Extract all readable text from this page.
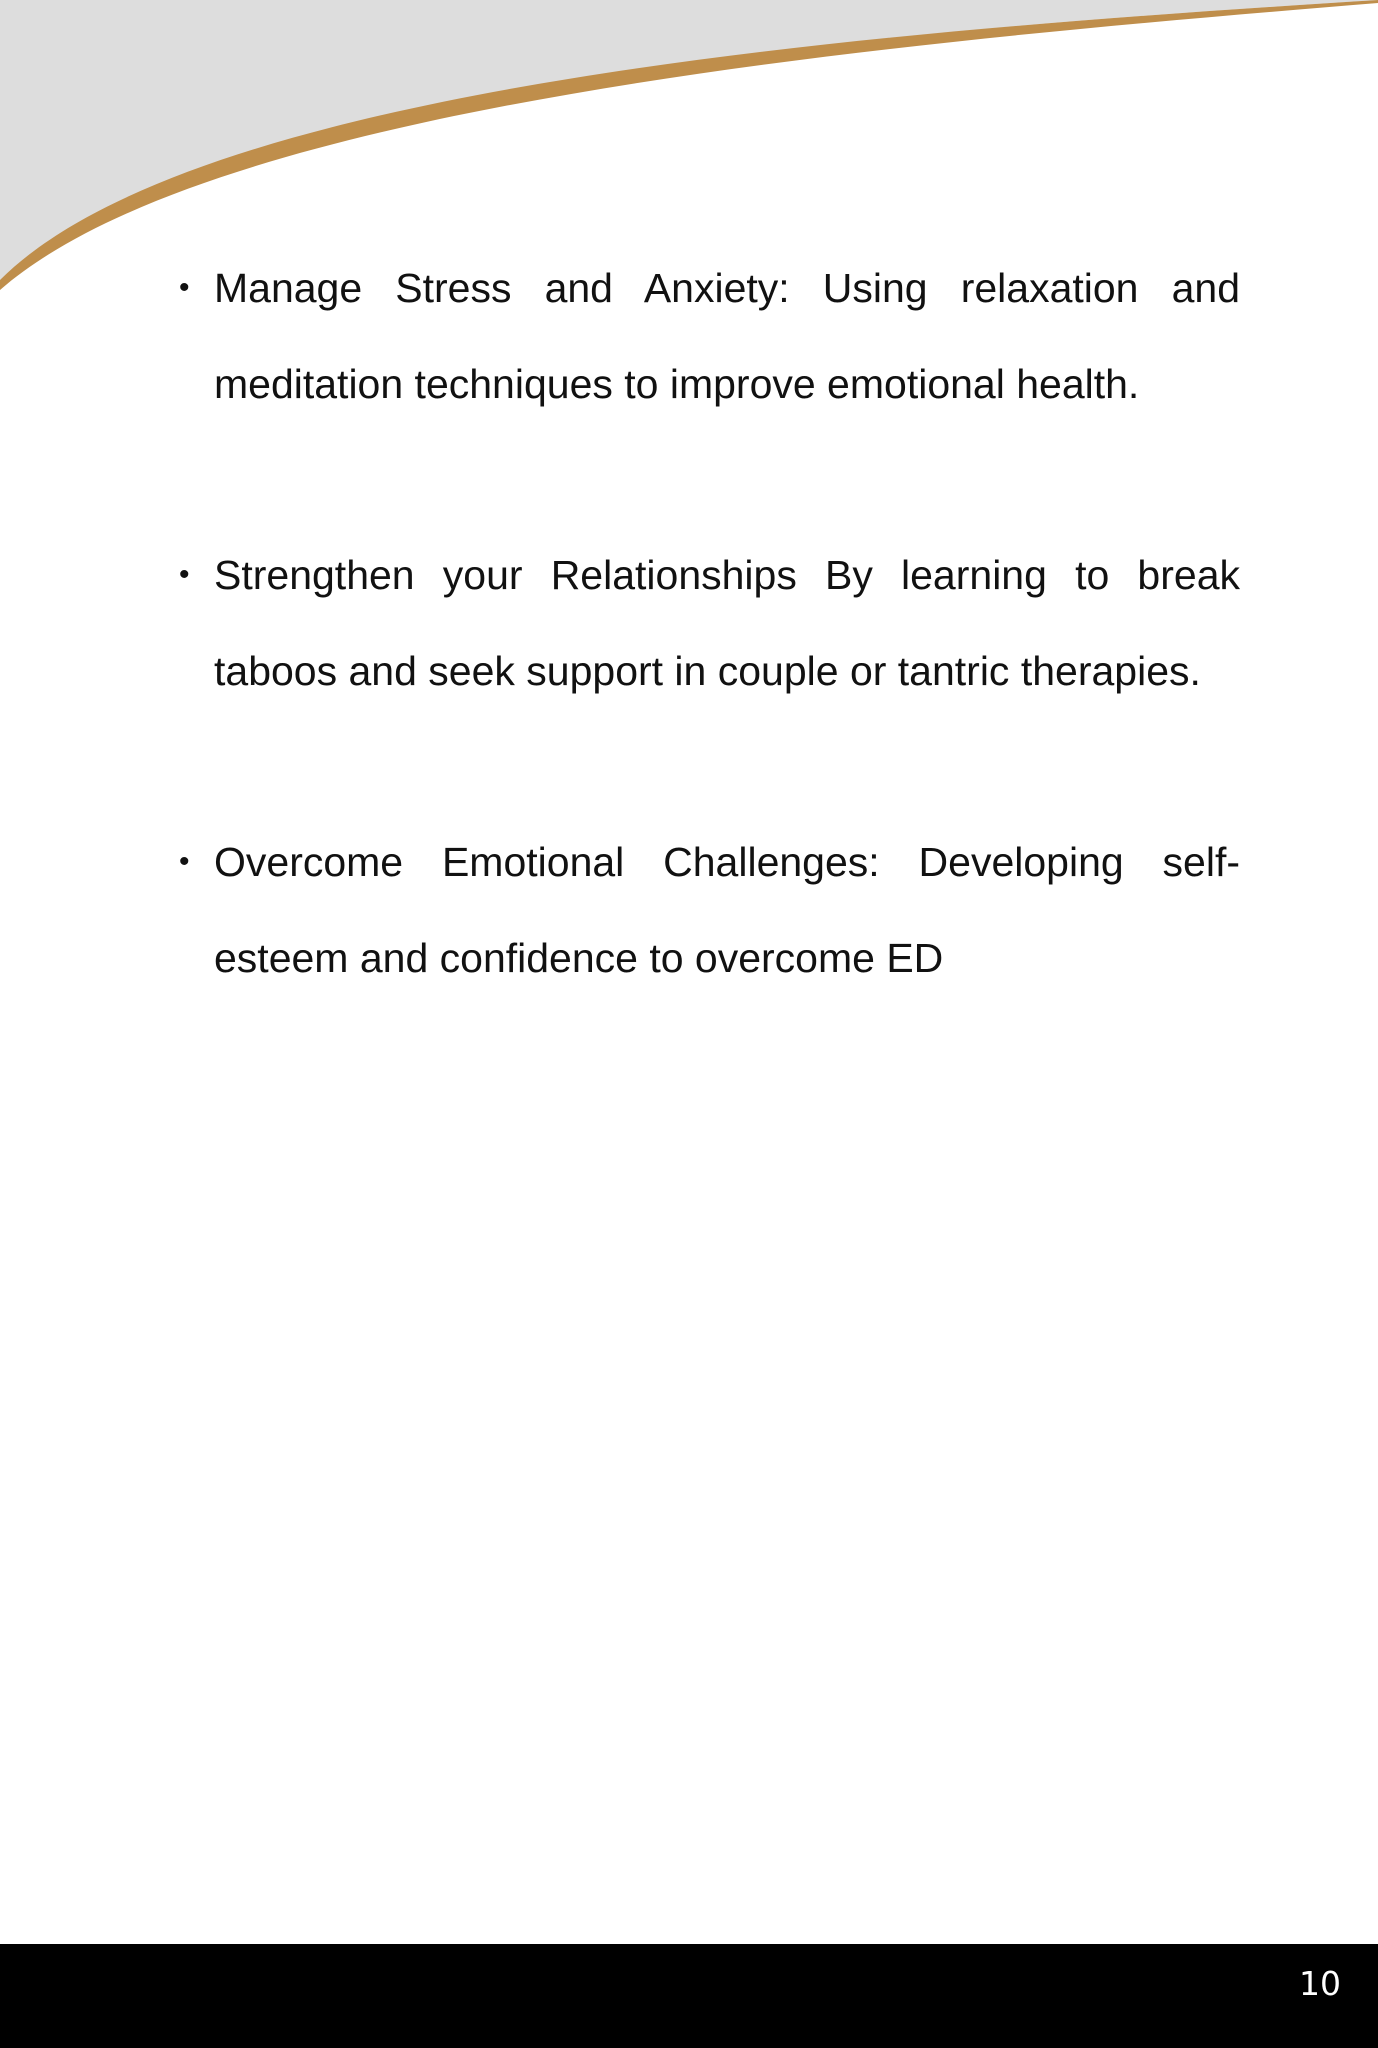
• Manage Stress and Anxiety: Using relaxation and meditation techniques to improve emotional health.
• Strengthen your Relationships By learning to break taboos and seek support in couple or tantric therapies.
• Overcome Emotional Challenges: Developing self-esteem and confidence to overcome ED
10
